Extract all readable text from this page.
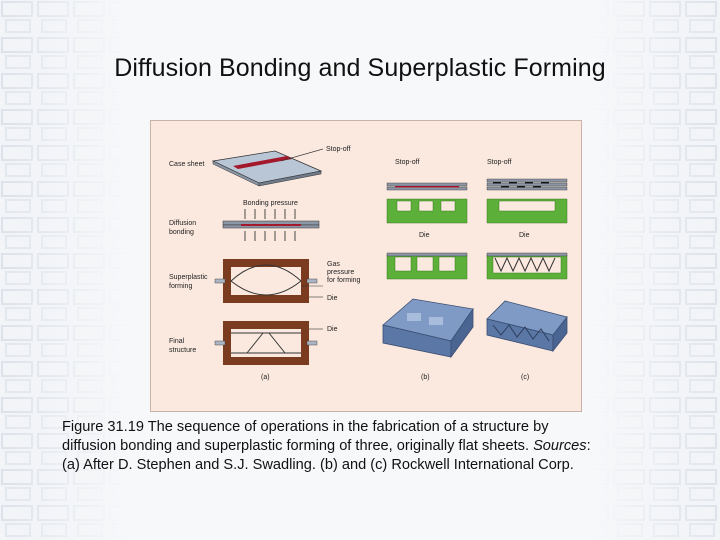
Diffusion Bonding and Superplastic Forming
Case sheet
Stop-off
Bonding pressure
Diffusion
bonding
Superplastic
forming
Gas
pressure
for forming
Die
Final
structure
Die
(a)
Stop-off
Die
(b)
Stop-off
Die
(c)
Figure 31.19 The sequence of operations in the fabrication of a structure by
diffusion bonding and superplastic forming of three, originally flat sheets. Sources:
(a) After D. Stephen and S.J. Swadling. (b) and (c) Rockwell International Corp.
